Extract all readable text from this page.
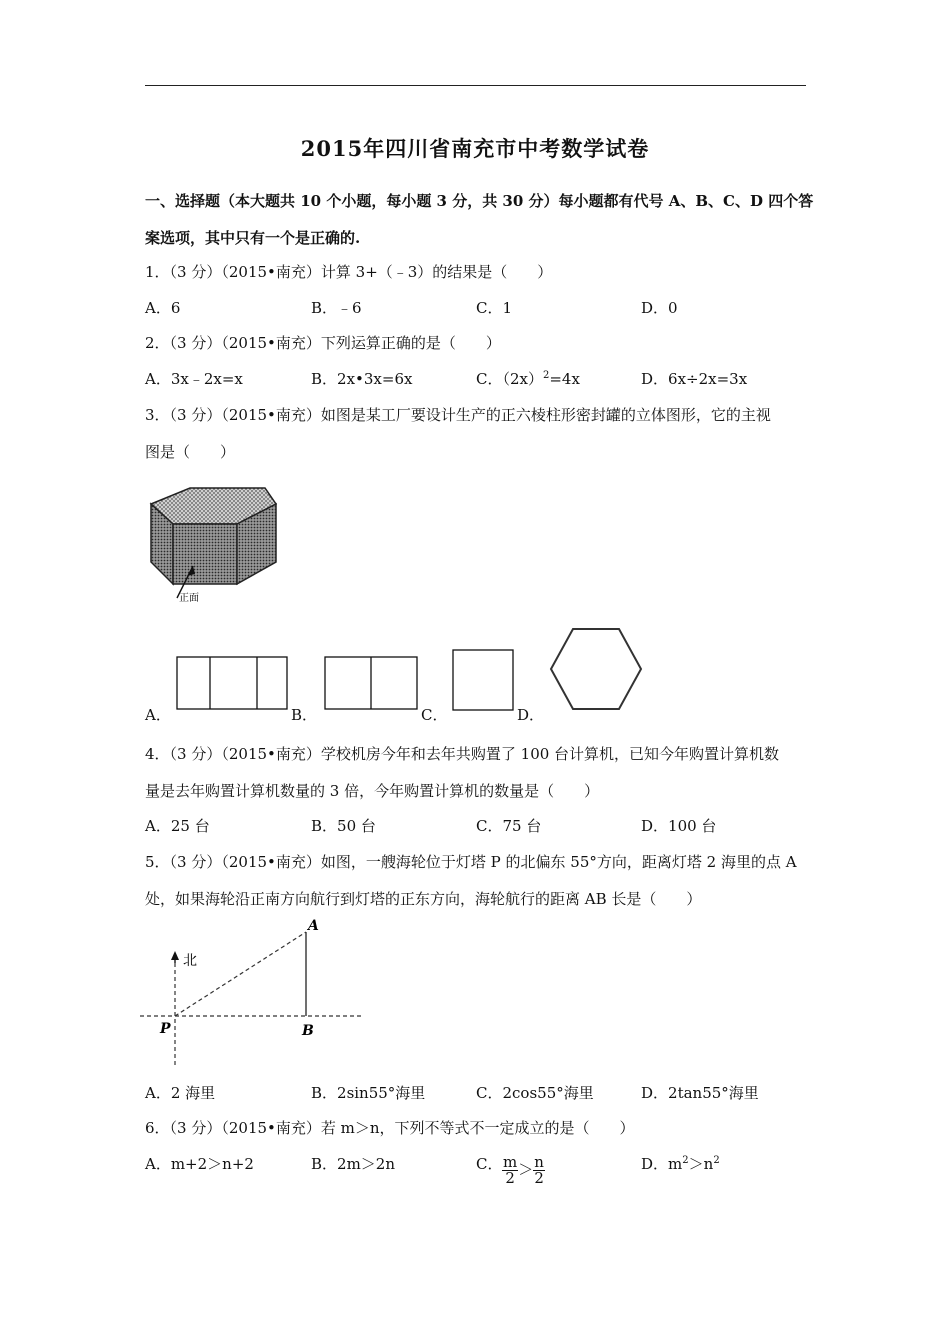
2015年四川省南充市中考数学试卷
一、选择题（本大题共 10 个小题，每小题 3 分，共 30 分）每小题都有代号 A、B、C、D 四个答
案选项，其中只有一个是正确的.
1．（3 分）（2015•南充）计算 3+（﹣3）的结果是（　　）
A．6	B．﹣6	C．1	D．0
2．（3 分）（2015•南充）下列运算正确的是（　　）
A．3x﹣2x=x	B．2x•3x=6x	C．$(2x)^2=4x$	D．6x÷2x=3x
3．（3 分）（2015•南充）如图是某工厂要设计生产的正六棱柱形密封罐的立体图形，它的主视
图是（　　）
正面
A．	B．	C．	D．
4．（3 分）（2015•南充）学校机房今年和去年共购置了 100 台计算机，已知今年购置计算机数
量是去年购置计算机数量的 3 倍，今年购置计算机的数量是（　　）
A．25 台	B．50 台	C．75 台	D．100 台
5．（3 分）（2015•南充）如图，一艘海轮位于灯塔 P 的北偏东 55°方向，距离灯塔 2 海里的点 A
处，如果海轮沿正南方向航行到灯塔的正东方向，海轮航行的距离 AB 长是（　　）
北
P
A
B
A．2 海里	B．2sin55°海里	C．2cos55°海里	D．2tan55°海里
6．（3 分）（2015•南充）若 m＞n，下列不等式不一定成立的是（　　）
A．m+2＞n+2	B．2m＞2n	C． $\frac{m}{2} > \frac{n}{2}$	D．$m^2>n^2$
